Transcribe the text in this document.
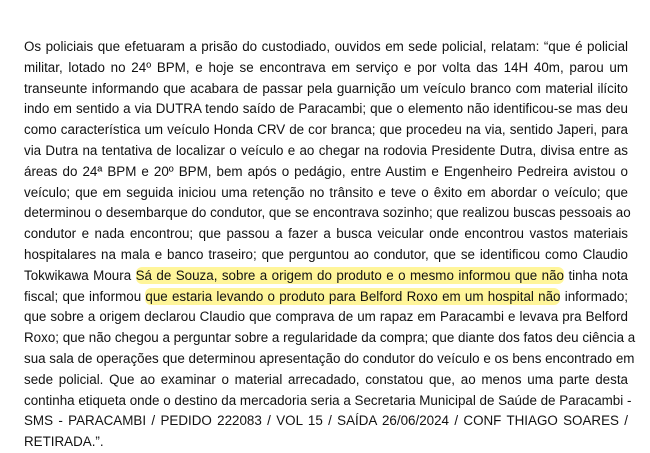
Os policiais que efetuaram a prisão do custodiado, ouvidos em sede policial, relatam: “que é policial
militar, lotado no 24º BPM, e hoje se encontrava em serviço e por volta das 14H 40m, parou um
transeunte informando que acabara de passar pela guarnição um veículo branco com material ilícito
indo em sentido a via DUTRA tendo saído de Paracambi; que o elemento não identificou-se mas deu
como característica um veículo Honda CRV de cor branca; que procedeu na via, sentido Japeri, para
via Dutra na tentativa de localizar o veículo e ao chegar na rodovia Presidente Dutra, divisa entre as
áreas do 24ª BPM e 20º BPM, bem após o pedágio, entre Austim e Engenheiro Pedreira avistou o
veículo; que em seguida iniciou uma retenção no trânsito e teve o êxito em abordar o veículo; que
determinou o desembarque do condutor, que se encontrava sozinho; que realizou buscas pessoais ao
condutor e nada encontrou; que passou a fazer a busca veicular onde encontrou vastos materiais
hospitalares na mala e banco traseiro; que perguntou ao condutor, que se identificou como Claudio
Tokwikawa Moura Sá de Souza, sobre a origem do produto e o mesmo informou que não tinha nota
fiscal; que informou que estaria levando o produto para Belford Roxo em um hospital não informado;
que sobre a origem declarou Claudio que comprava de um rapaz em Paracambi e levava pra Belford
Roxo; que não chegou a perguntar sobre a regularidade da compra; que diante dos fatos deu ciência a
sua sala de operações que determinou apresentação do condutor do veículo e os bens encontrado em
sede policial. Que ao examinar o material arrecadado, constatou que, ao menos uma parte desta
continha etiqueta onde o destino da mercadoria seria a Secretaria Municipal de Saúde de Paracambi -
SMS - PARACAMBI / PEDIDO 222083 / VOL 15 / SAÍDA 26/06/2024 / CONF THIAGO SOARES /
RETIRADA.”.
